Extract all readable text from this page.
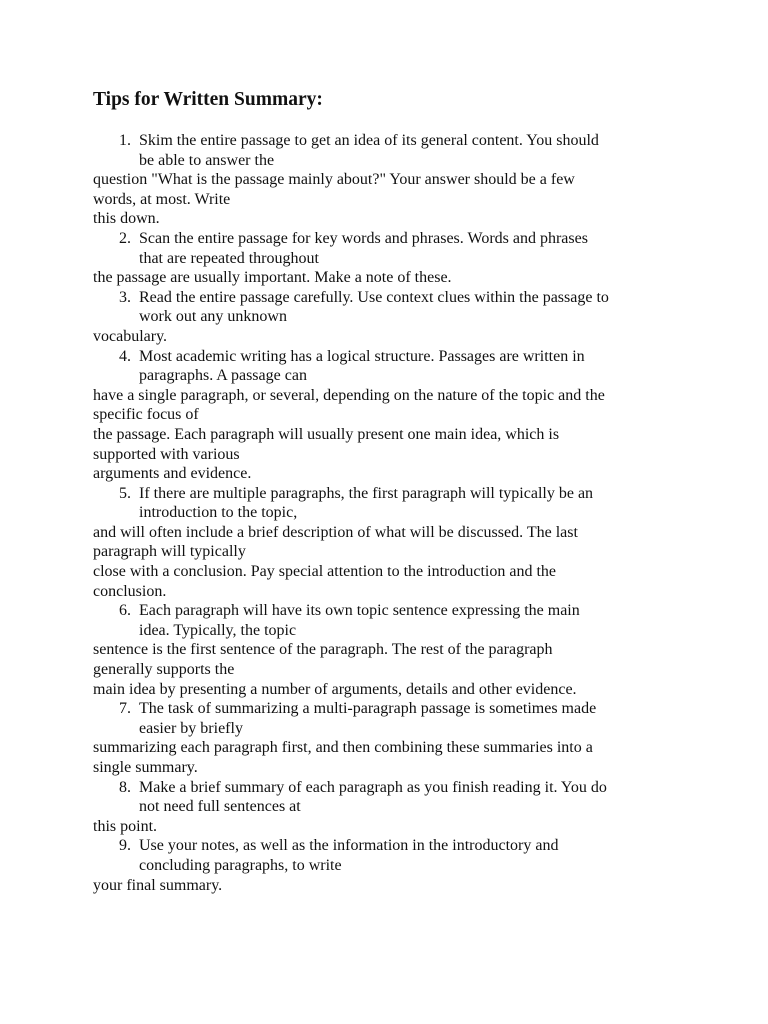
Tips for Written Summary:
1. Skim the entire passage to get an idea of its general content. You should
be able to answer the
question "What is the passage mainly about?" Your answer should be a few
words, at most. Write
this down.
2. Scan the entire passage for key words and phrases. Words and phrases
that are repeated throughout
the passage are usually important. Make a note of these.
3. Read the entire passage carefully. Use context clues within the passage to
work out any unknown
vocabulary.
4. Most academic writing has a logical structure. Passages are written in
paragraphs. A passage can
have a single paragraph, or several, depending on the nature of the topic and the
specific focus of
the passage. Each paragraph will usually present one main idea, which is
supported with various
arguments and evidence.
5. If there are multiple paragraphs, the first paragraph will typically be an
introduction to the topic,
and will often include a brief description of what will be discussed. The last
paragraph will typically
close with a conclusion. Pay special attention to the introduction and the
conclusion.
6. Each paragraph will have its own topic sentence expressing the main
idea. Typically, the topic
sentence is the first sentence of the paragraph. The rest of the paragraph
generally supports the
main idea by presenting a number of arguments, details and other evidence.
7. The task of summarizing a multi-paragraph passage is sometimes made
easier by briefly
summarizing each paragraph first, and then combining these summaries into a
single summary.
8. Make a brief summary of each paragraph as you finish reading it. You do
not need full sentences at
this point.
9. Use your notes, as well as the information in the introductory and
concluding paragraphs, to write
your final summary.
